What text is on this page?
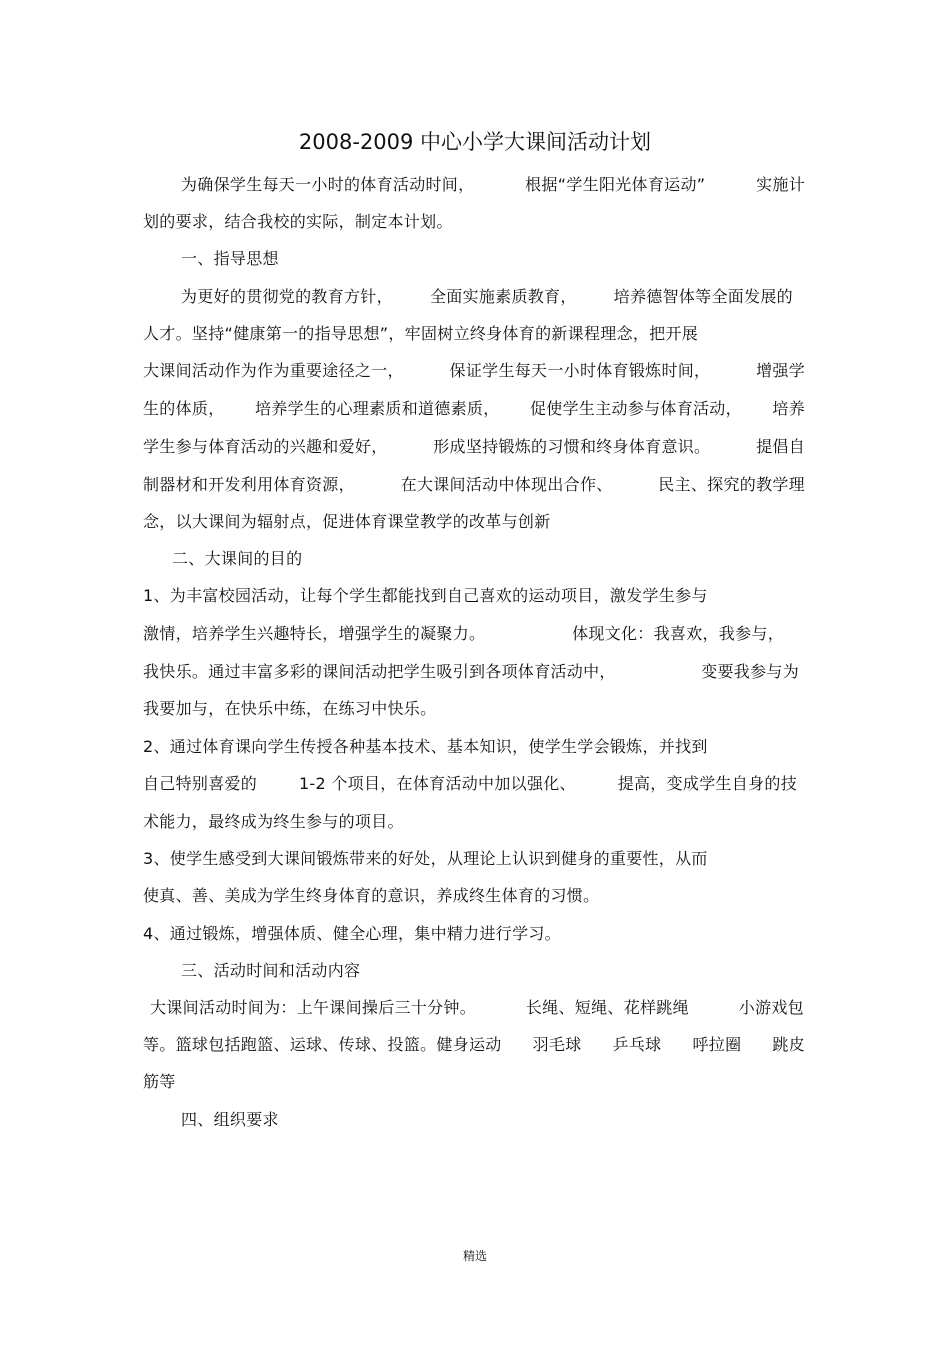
2008-2009 中心小学大课间活动计划
为确保学生每天一小时的体育活动时间，	根据“学生阳光体育运动”	实施计
划的要求，结合我校的实际，制定本计划。
一、指导思想
为更好的贯彻党的教育方针， 全面实施素质教育， 培养德智体等全面发展的
人才。坚持“健康第一的指导思想”，牢固树立终身体育的新课程理念，把开展
大课间活动作为作为重要途径之一，	保证学生每天一小时体育锻炼时间，	增强学
生的体质， 培养学生的心理素质和道德素质， 促使学生主动参与体育活动， 培养
学生参与体育活动的兴趣和爱好，	形成坚持锻炼的习惯和终身体育意识。	提倡自
制器材和开发利用体育资源，	在大课间活动中体现出合作、	民主、探究的教学理
念，以大课间为辐射点，促进体育课堂教学的改革与创新
二、大课间的目的
1、为丰富校园活动，让每个学生都能找到自己喜欢的运动项目，激发学生参与
激情，培养学生兴趣特长，增强学生的凝聚力。	体现文化：我喜欢，我参与，
我快乐。通过丰富多彩的课间活动把学生吸引到各项体育活动中，	变要我参与为
我要加与，在快乐中练，在练习中快乐。
2、通过体育课向学生传授各种基本技术、基本知识，使学生学会锻炼，并找到
自己特别喜爱的	1-2 个项目，在体育活动中加以强化、	提高，变成学生自身的技
术能力，最终成为终生参与的项目。
3、使学生感受到大课间锻炼带来的好处，从理论上认识到健身的重要性，从而
使真、善、美成为学生终身体育的意识，养成终生体育的习惯。
4、通过锻炼，增强体质、健全心理，集中精力进行学习。
三、活动时间和活动内容
大课间活动时间为：上午课间操后三十分钟。	长绳、短绳、花样跳绳	小游戏包
等。篮球包括跑篮、运球、传球、投篮。健身运动 羽毛球 乒乓球 呼拉圈 跳皮
筋等
四、组织要求
精选
